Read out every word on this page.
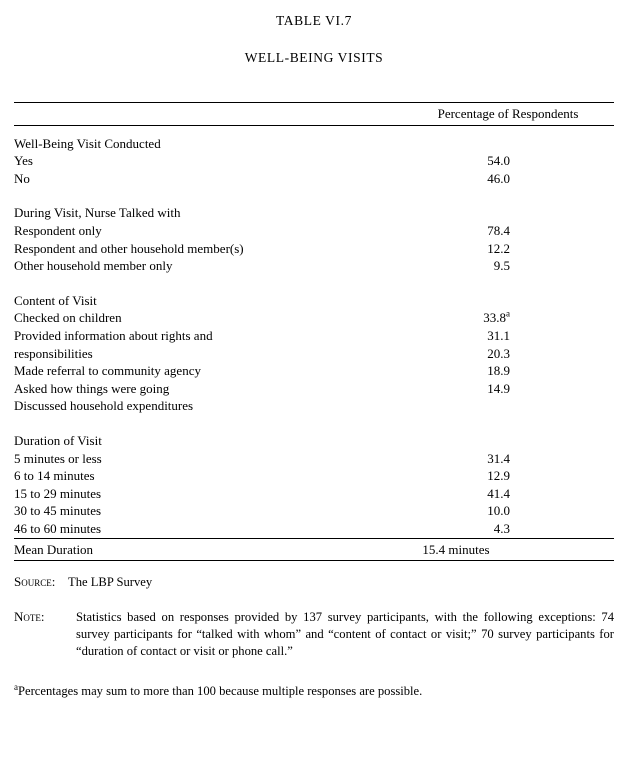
TABLE VI.7
WELL-BEING VISITS
Percentage of Respondents

Well-Being Visit Conducted	
Yes	54.0
No	46.0

During Visit, Nurse Talked with	
Respondent only	78.4
Respondent and other household member(s)	12.2
Other household member only	9.5

Content of Visit	
Checked on children	33.8$^a$
Provided information about rights and	31.1
responsibilities	20.3
Made referral to community agency	18.9
Asked how things were going	14.9
Discussed household expenditures	

Duration of Visit	
5 minutes or less	31.4
6 to 14 minutes	12.9
15 to 29 minutes	41.4
30 to 45 minutes	10.0
46 to 60 minutes	4.3

Mean Duration	15.4 minutes
Source:	The LBP Survey
Note:	Statistics based on responses provided by 137 survey participants, with the following exceptions: 74 survey participants for “talked with whom” and “content of contact or visit;” 70 survey participants for “duration of contact or visit or phone call.”
$^a$Percentages may sum to more than 100 because multiple responses are possible.
